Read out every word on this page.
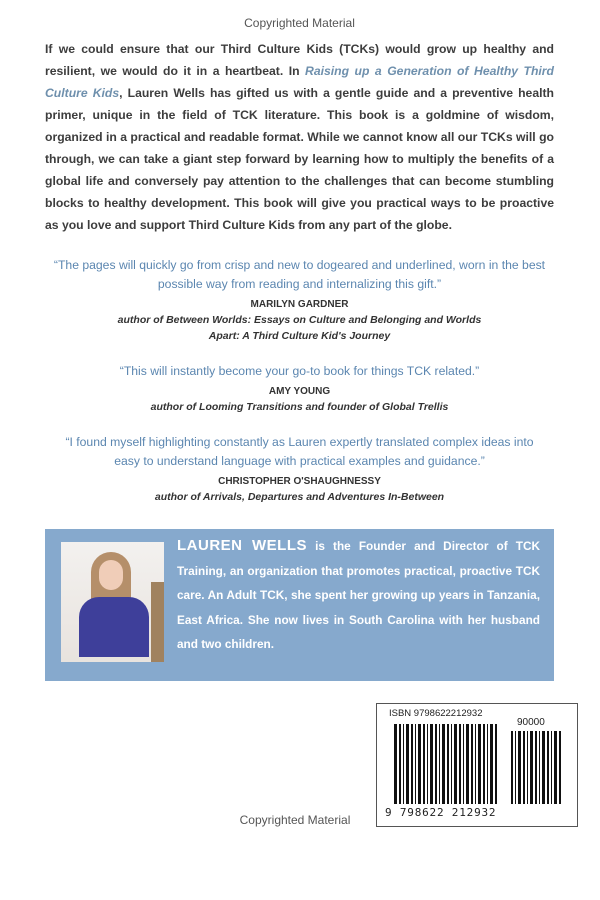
Copyrighted Material
If we could ensure that our Third Culture Kids (TCKs) would grow up healthy and resilient, we would do it in a heartbeat. In Raising up a Generation of Healthy Third Culture Kids, Lauren Wells has gifted us with a gentle guide and a preventive health primer, unique in the field of TCK literature. This book is a goldmine of wisdom, organized in a practical and readable format. While we cannot know all our TCKs will go through, we can take a giant step forward by learning how to multiply the benefits of a global life and conversely pay attention to the challenges that can become stumbling blocks to healthy development. This book will give you practical ways to be proactive as you love and support Third Culture Kids from any part of the globe.
“The pages will quickly go from crisp and new to dogeared and underlined, worn in the best possible way from reading and internalizing this gift.”
MARILYN GARDNER
author of Between Worlds: Essays on Culture and Belonging and Worlds Apart: A Third Culture Kid's Journey
“This will instantly become your go-to book for things TCK related.”
AMY YOUNG
author of Looming Transitions and founder of Global Trellis
“I found myself highlighting constantly as Lauren expertly translated complex ideas into easy to understand language with practical examples and guidance.”
CHRISTOPHER O'SHAUGHNESSY
author of Arrivals, Departures and Adventures In-Between
LAUREN WELLS is the Founder and Director of TCK Training, an organization that promotes practical, proactive TCK care. An Adult TCK, she spent her growing up years in Tanzania, East Africa. She now lives in South Carolina with her husband and two children.
Copyrighted Material
ISBN 9798622212932
90000
9 798622 212932
